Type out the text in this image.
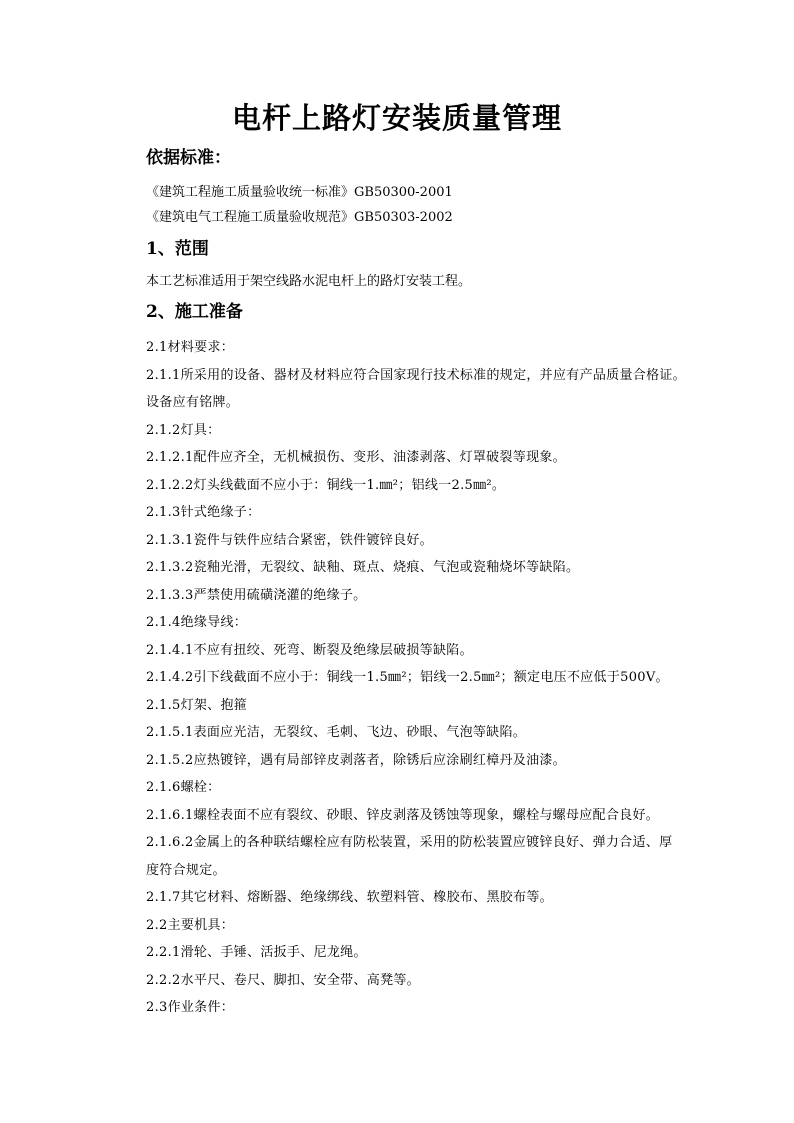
电杆上路灯安装质量管理
依据标准：
《建筑工程施工质量验收统一标准》GB50300-2001
《建筑电气工程施工质量验收规范》GB50303-2002
1、范围
本工艺标准适用于架空线路水泥电杆上的路灯安装工程。
2、施工准备
2.1材料要求：
2.1.1所采用的设备、器材及材料应符合国家现行技术标准的规定，并应有产品质量合格证。
设备应有铭牌。
2.1.2灯具：
2.1.2.1配件应齐全，无机械损伤、变形、油漆剥落、灯罩破裂等现象。
2.1.2.2灯头线截面不应小于：铜线一1.㎜²；铝线一2.5㎜²。
2.1.3针式绝缘子：
2.1.3.1瓷件与铁件应结合紧密，铁件镀锌良好。
2.1.3.2瓷釉光滑，无裂纹、缺釉、斑点、烧痕、气泡或瓷釉烧坏等缺陷。
2.1.3.3严禁使用硫磺浇灌的绝缘子。
2.1.4绝缘导线：
2.1.4.1不应有扭绞、死弯、断裂及绝缘层破损等缺陷。
2.1.4.2引下线截面不应小于：铜线一1.5㎜²；铝线一2.5㎜²；额定电压不应低于500V。
2.1.5灯架、抱箍
2.1.5.1表面应光洁，无裂纹、毛刺、飞边、砂眼、气泡等缺陷。
2.1.5.2应热镀锌，遇有局部锌皮剥落者，除锈后应涂刷红樟丹及油漆。
2.1.6螺栓：
2.1.6.1螺栓表面不应有裂纹、砂眼、锌皮剥落及锈蚀等现象，螺栓与螺母应配合良好。
2.1.6.2金属上的各种联结螺栓应有防松装置，采用的防松装置应镀锌良好、弹力合适、厚
度符合规定。
2.1.7其它材料、熔断器、绝缘绑线、软塑料管、橡胶布、黑胶布等。
2.2主要机具：
2.2.1滑轮、手锤、活扳手、尼龙绳。
2.2.2水平尺、卷尺、脚扣、安全带、高凳等。
2.3作业条件：
